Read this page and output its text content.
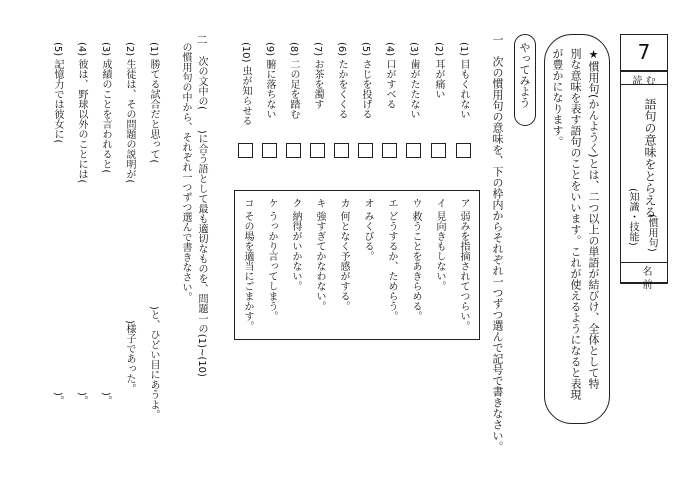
7
読 む
語句の意味をとらえる
(慣用句)
(知識・技能)
名 前
★慣用句(かんようく)とは、二つ以上の単語が結びけ、全体として特
別な意味を表す語句のことをいいます。これが使えるようになると表現
が豊かになります。
やってみよう
一
次の慣用句の意味を、下の枠内からそれぞれ一つずつ選んで記号で書きなさい。
(1) 目もくれない
(2) 耳が痛い
(3) 歯がたたない
(4) 口がすべる
(5) さじを投げる
(6) たかをくくる
(7) お茶を濁す
(8) 二の足を踏む
(9) 腑に落ちない
(10) 虫が知らせる
ア 弱みを指摘されてつらい。
イ 見向きもしない。
ウ 救うことをあきらめる。
エ どうするか、ためらう。
オ みくびる。
カ 何となく予感がする。
キ 強すぎてかなわない。
ク 納得がいかない。
ケ うっかり言ってしまう。
コ その場を適当にごまかす。
二
次の文中の(　　)に合う語として最も適切なものを、問題一の(1)~(10)
の慣用句の中から、それぞれ一つずつ選んで書きなさい。
(1) 勝てる試合だと思って(
)と、ひどい目にあうよ。
(2) 生徒は、その問題の説明が(
)様子であった。
(3) 成績のことを言われると(
)。
(4) 彼は、野球以外のことには(
)。
(5) 記憶力では彼女に(
)。
